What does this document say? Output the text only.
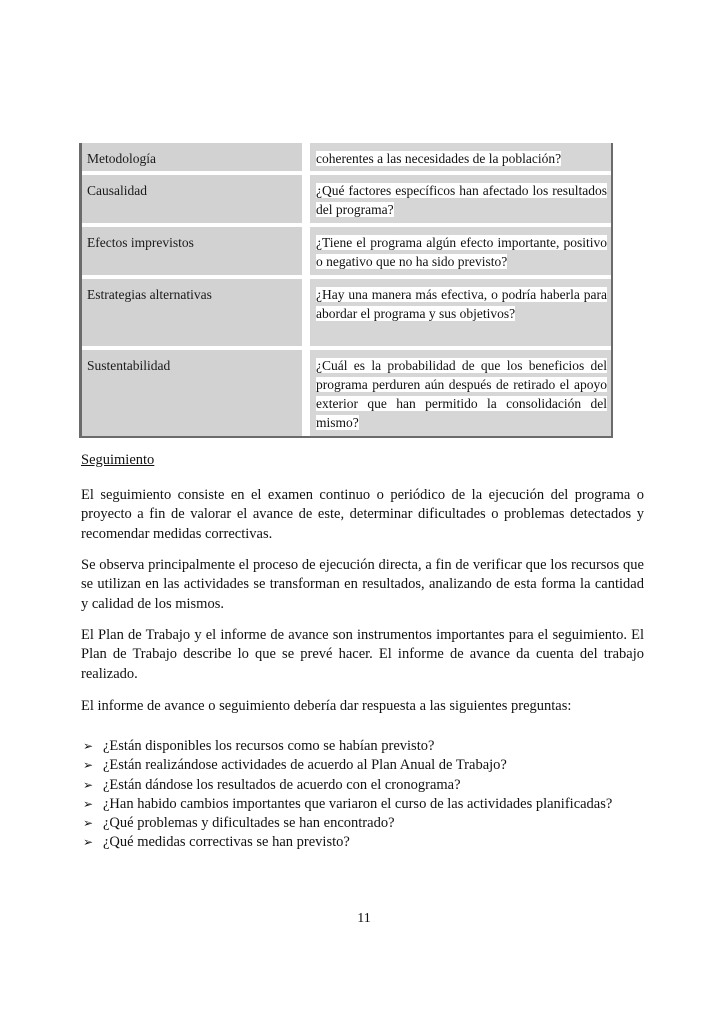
Metodología	coherentes a las necesidades de la población?
Causalidad	¿Qué factores específicos han afectado los resultados del programa?
Efectos imprevistos	¿Tiene el programa algún efecto importante, positivo o negativo que no ha sido previsto?
Estrategias alternativas	¿Hay una manera más efectiva, o podría haberla para abordar el programa y sus objetivos?
Sustentabilidad	¿Cuál es la probabilidad de que los beneficios del programa perduren aún después de retirado el apoyo exterior que han permitido la consolidación del mismo?
Seguimiento

El seguimiento consiste en el examen continuo o periódico de la ejecución del programa o proyecto a fin de valorar el avance de este, determinar dificultades o problemas detectados y recomendar medidas correctivas.

Se observa principalmente el proceso de ejecución directa, a fin de verificar que los recursos que se utilizan en las actividades se transforman en resultados, analizando de esta forma la cantidad y calidad de los mismos.

El Plan de Trabajo y el informe de avance son instrumentos importantes para el seguimiento. El Plan de Trabajo describe lo que se prevé hacer. El informe de avance da cuenta del trabajo realizado.

El informe de avance o seguimiento debería dar respuesta a las siguientes preguntas:

➢ ¿Están disponibles los recursos como se habían previsto?
➢ ¿Están realizándose actividades de acuerdo al Plan Anual de Trabajo?
➢ ¿Están dándose los resultados de acuerdo con el cronograma?
➢ ¿Han habido cambios importantes que variaron el curso de las actividades planificadas?
➢ ¿Qué problemas y dificultades se han encontrado?
➢ ¿Qué medidas correctivas se han previsto?
11
